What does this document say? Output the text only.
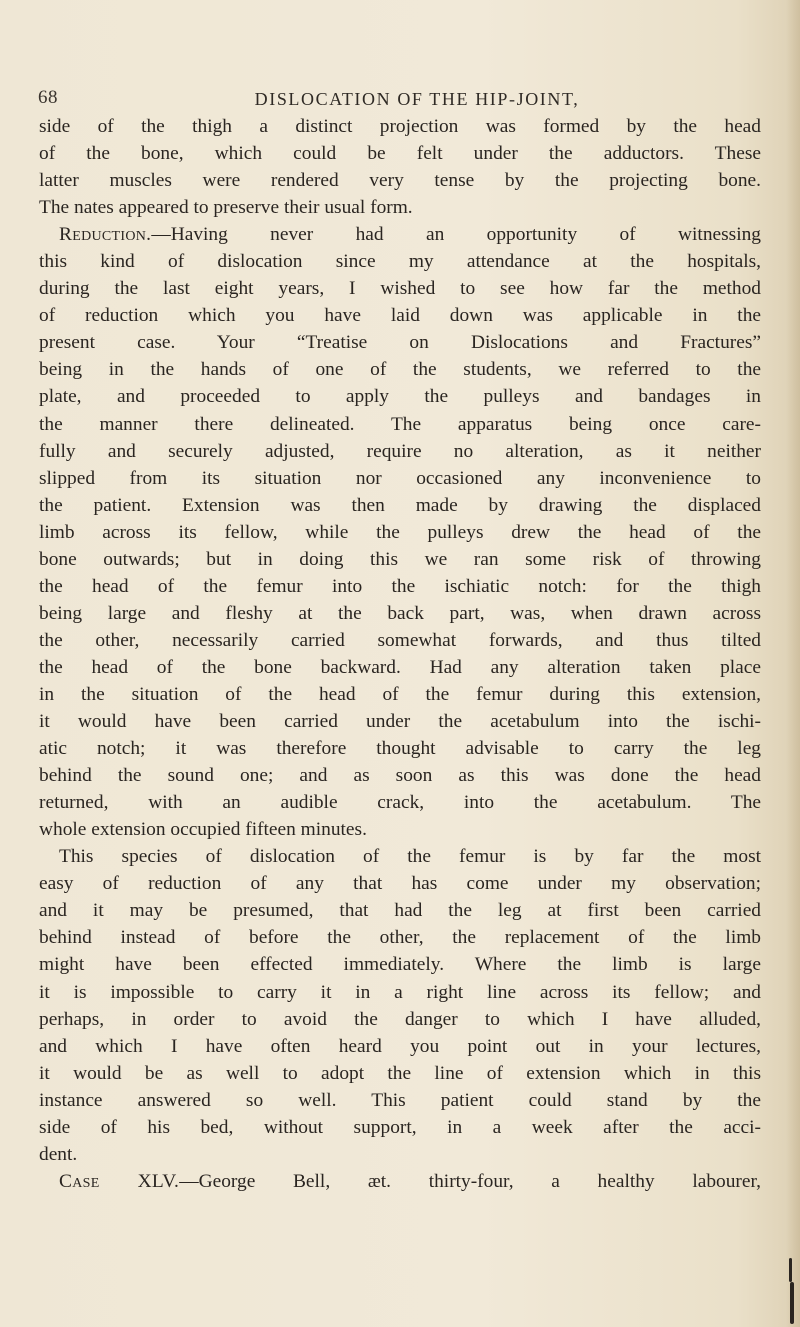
68	DISLOCATION OF THE HIP-JOINT,
side of the thigh a distinct projection was formed by the head
of the bone, which could be felt under the adductors. These
latter muscles were rendered very tense by the projecting bone.
The nates appeared to preserve their usual form.
Reduction.—Having never had an opportunity of witnessing
this kind of dislocation since my attendance at the hospitals,
during the last eight years, I wished to see how far the method
of reduction which you have laid down was applicable in the
present case. Your “Treatise on Dislocations and Fractures”
being in the hands of one of the students, we referred to the
plate, and proceeded to apply the pulleys and bandages in
the manner there delineated. The apparatus being once care-
fully and securely adjusted, require no alteration, as it neither
slipped from its situation nor occasioned any inconvenience to
the patient. Extension was then made by drawing the displaced
limb across its fellow, while the pulleys drew the head of the
bone outwards; but in doing this we ran some risk of throwing
the head of the femur into the ischiatic notch: for the thigh
being large and fleshy at the back part, was, when drawn across
the other, necessarily carried somewhat forwards, and thus tilted
the head of the bone backward. Had any alteration taken place
in the situation of the head of the femur during this extension,
it would have been carried under the acetabulum into the ischi-
atic notch; it was therefore thought advisable to carry the leg
behind the sound one; and as soon as this was done the head
returned, with an audible crack, into the acetabulum. The
whole extension occupied fifteen minutes.
This species of dislocation of the femur is by far the most
easy of reduction of any that has come under my observation;
and it may be presumed, that had the leg at first been carried
behind instead of before the other, the replacement of the limb
might have been effected immediately. Where the limb is large
it is impossible to carry it in a right line across its fellow; and
perhaps, in order to avoid the danger to which I have alluded,
and which I have often heard you point out in your lectures,
it would be as well to adopt the line of extension which in this
instance answered so well. This patient could stand by the
side of his bed, without support, in a week after the acci-
dent.
Case XLV.—George Bell, æt. thirty-four, a healthy labourer,
